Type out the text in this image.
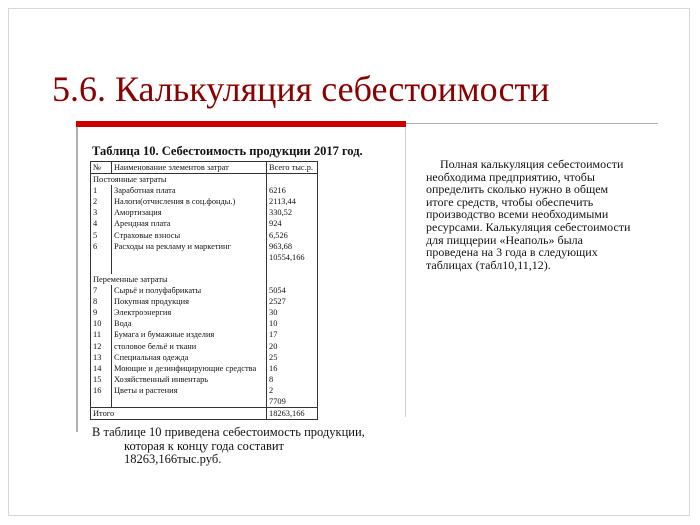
5.6. Калькуляция себестоимости
Таблица 10. Себестоимость продукции 2017 год.
№	Наименование элементов затрат	Всего тыс.р.
Постоянные затраты		
1	Заработная плата	6216
2	Налоги(отчисления в соц.фонды.)	2113,44
3	Амортизация	330,52
4	Арендная плата	924
5	Страховые взносы	6,526
6	Расходы на рекламу и маркетинг	963,68
		10554,166

Переменные затраты		
7	Сырьё и полуфабрикаты	5054
8	Покупная продукция	2527
9	Электроэнергия	30
10	Вода	10
11	Бумага и бумажные изделия	17
12	столовое бельё и ткани	20
13	Специальная одежда	25
14	Моющие и дезинфицирующие средства	16
15	Хозяйственный инвентарь	8
16	Цветы и растения	2
		7709
Итого		18263,166
В таблице 10 приведена себестоимость продукции,
которая к концу года составит
18263,166тыс.руб.
Полная калькуляция себестоимости
необходима предприятию, чтобы
определить сколько нужно в общем
итоге средств, чтобы обеспечить
производство всеми необходимыми
ресурсами. Калькуляция себестоимости
для пиццерии «Неаполь» была
проведена на 3 года в следующих
таблицах (табл10,11,12).
